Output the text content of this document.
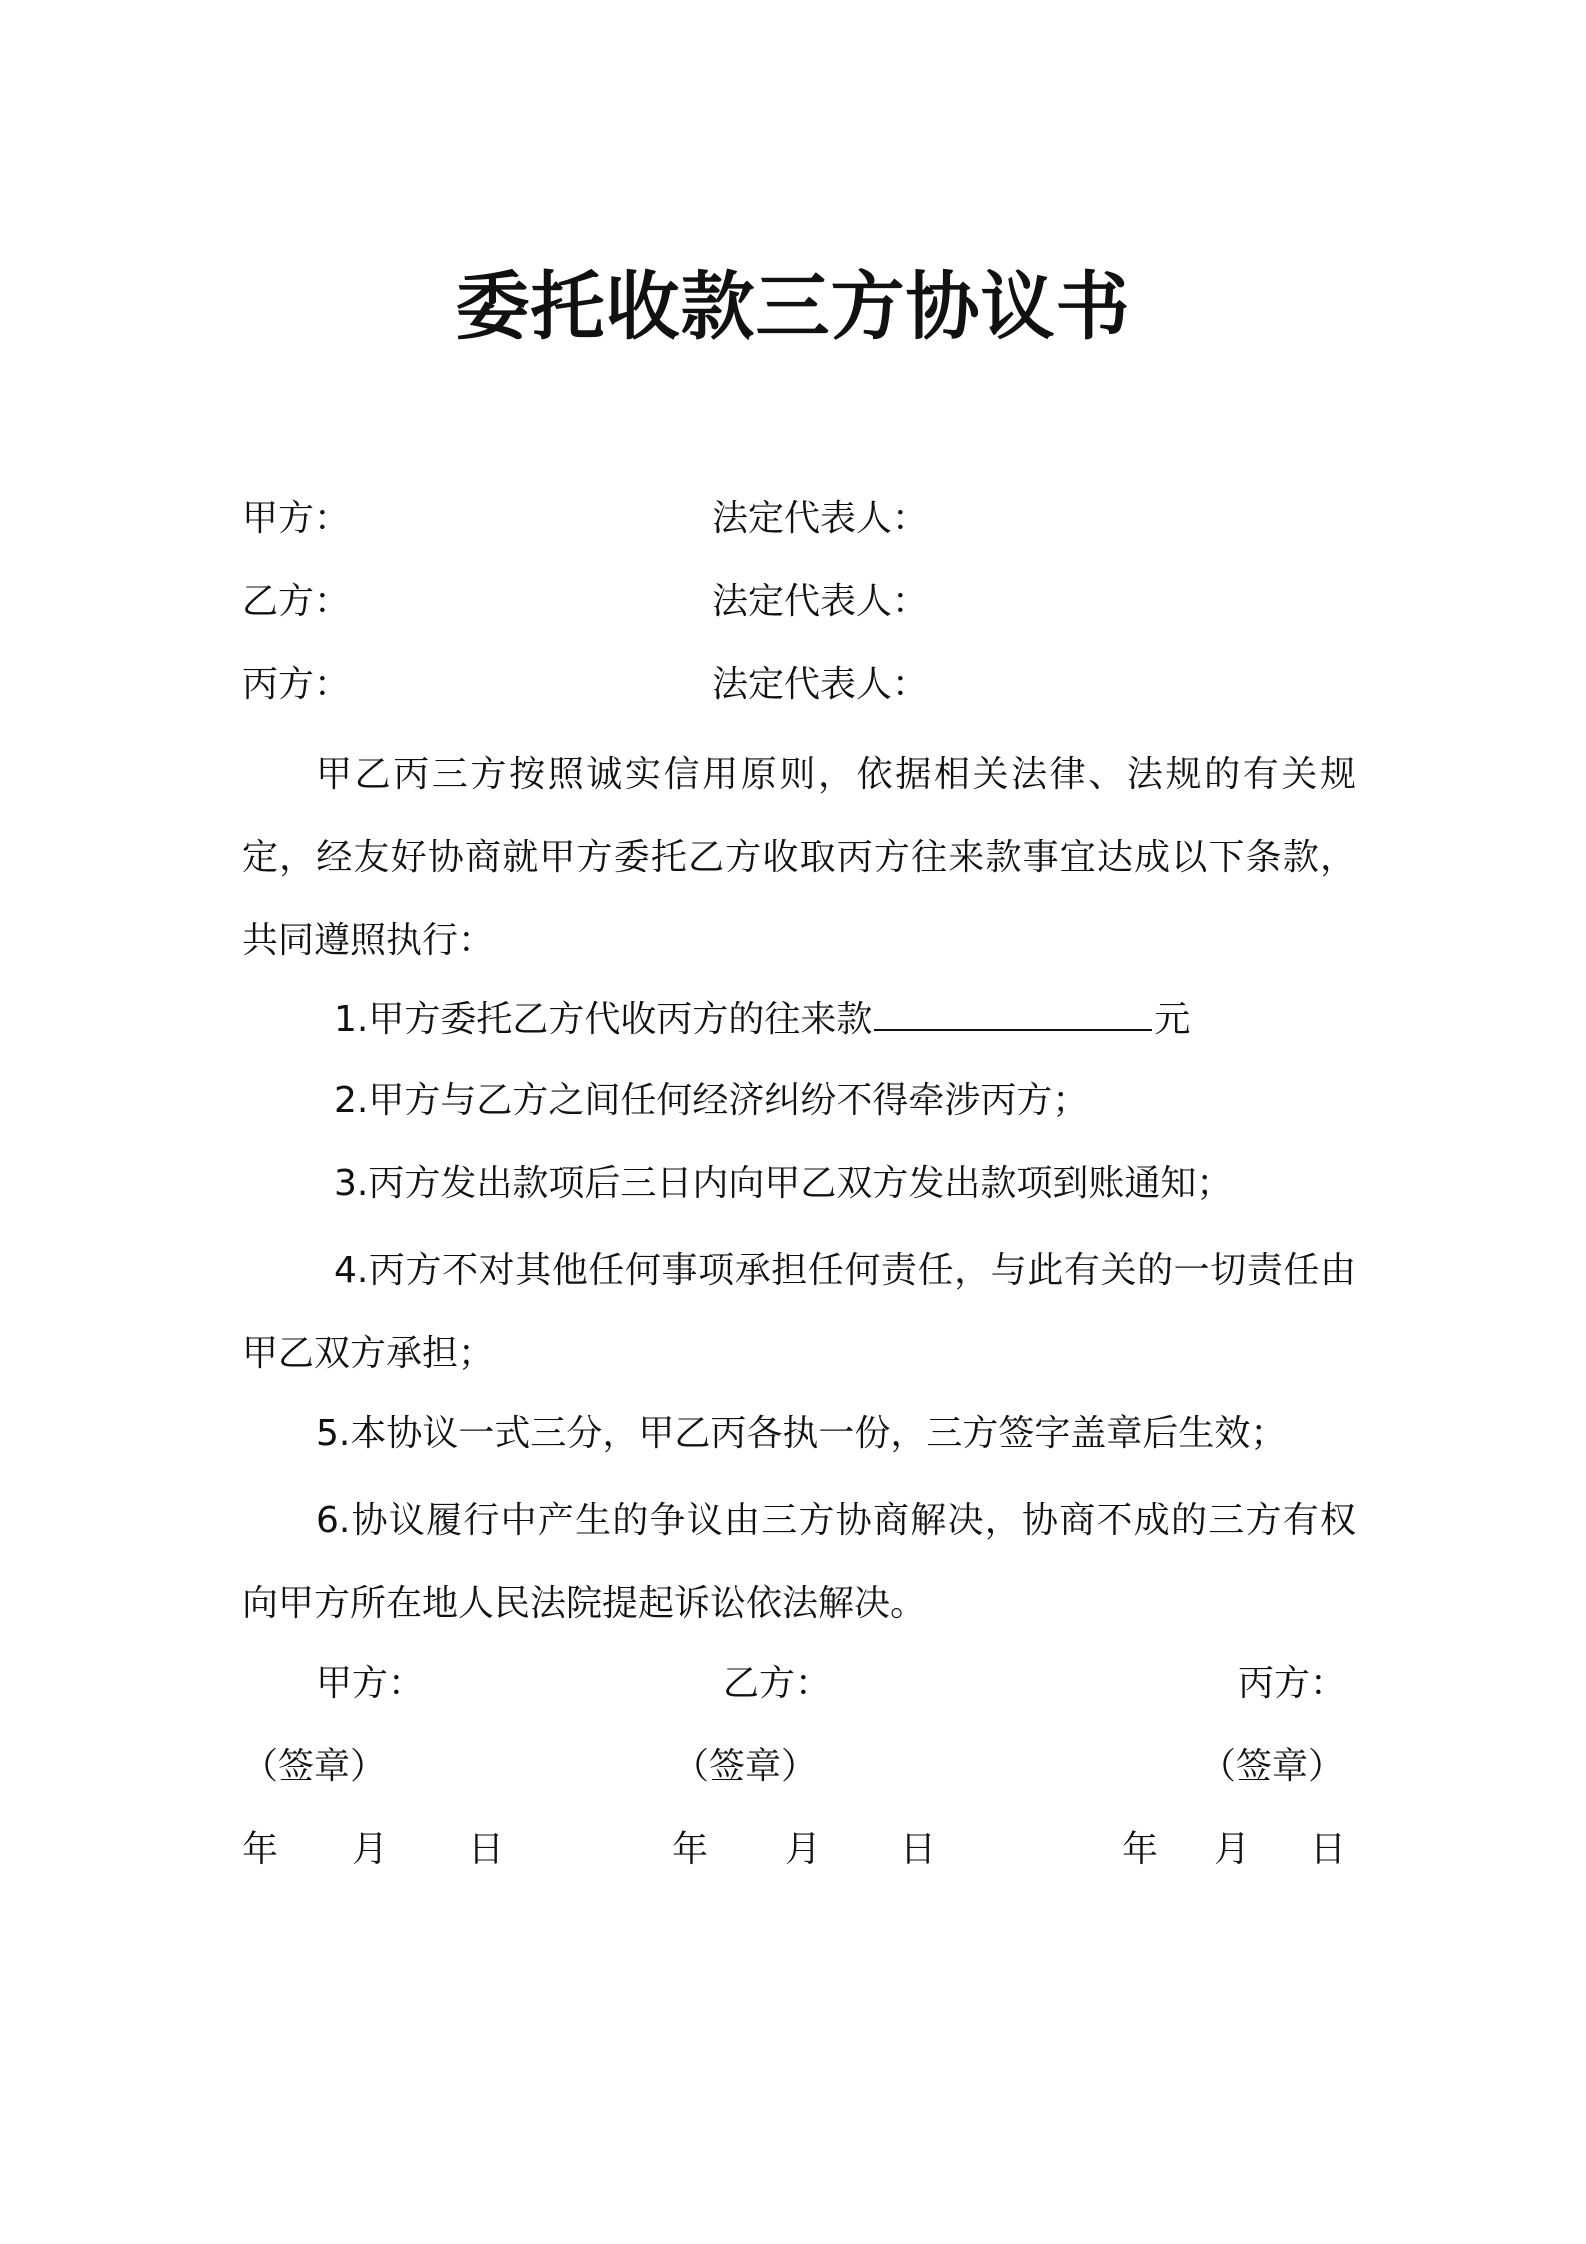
委托收款三方协议书
甲方：	法定代表人：
乙方：	法定代表人：
丙方：	法定代表人：
甲乙丙三方按照诚实信用原则，依据相关法律、法规的有关规定，经友好协商就甲方委托乙方收取丙方往来款事宜达成以下条款，共同遵照执行：
1.甲方委托乙方代收丙方的往来款	元
2.甲方与乙方之间任何经济纠纷不得牵涉丙方；
3.丙方发出款项后三日内向甲乙双方发出款项到账通知；
4.丙方不对其他任何事项承担任何责任，与此有关的一切责任由甲乙双方承担；
5.本协议一式三分，甲乙丙各执一份，三方签字盖章后生效；
6.协议履行中产生的争议由三方协商解决，协商不成的三方有权向甲方所在地人民法院提起诉讼依法解决。
甲方：	乙方：	丙方：
（签章）	（签章）	（签章）
年 月 日	年 月 日	年 月 日
